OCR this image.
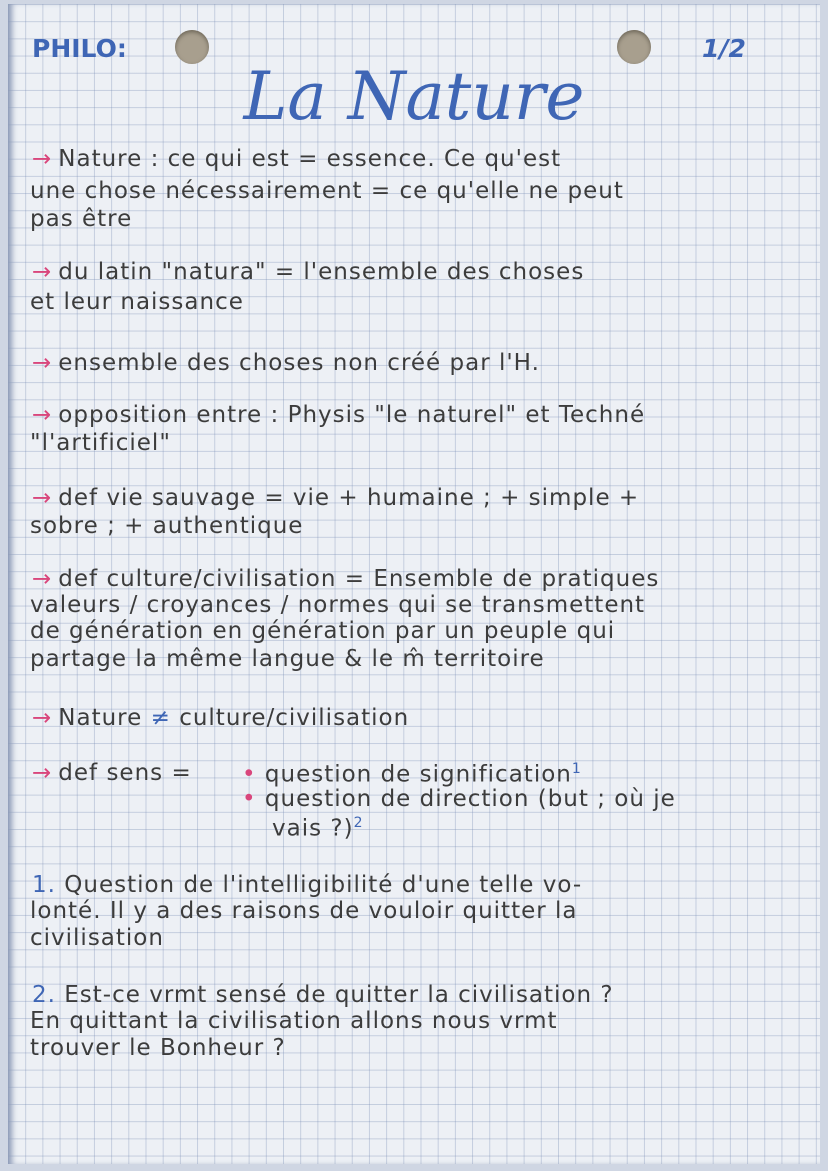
PHILO:	1/2
La Nature
→ Nature : ce qui est = essence. Ce qu'est
une chose nécessairement = ce qu'elle ne peut
pas être
→ du latin "natura" = l'ensemble des choses
et leur naissance
→ ensemble des choses non créé par l'H.
→ opposition entre : Physis "le naturel" et Techné
"l'artificiel"
→ def vie sauvage = vie + humaine ; + simple +
sobre ; + authentique
→ def culture/civilisation = Ensemble de pratiques
valeurs / croyances / normes qui se transmettent
de génération en génération par un peuple qui
partage la même langue & le m̂ territoire
→ Nature ≠ culture/civilisation
→ def sens = • question de signification$^1$
• question de direction (but ; où je
vais ?)$^2$
1. Question de l'intelligibilité d'une telle vo-
lonté. Il y a des raisons de vouloir quitter la
civilisation
2. Est-ce vrmt sensé de quitter la civilisation ?
En quittant la civilisation allons nous vrmt
trouver le Bonheur ?
